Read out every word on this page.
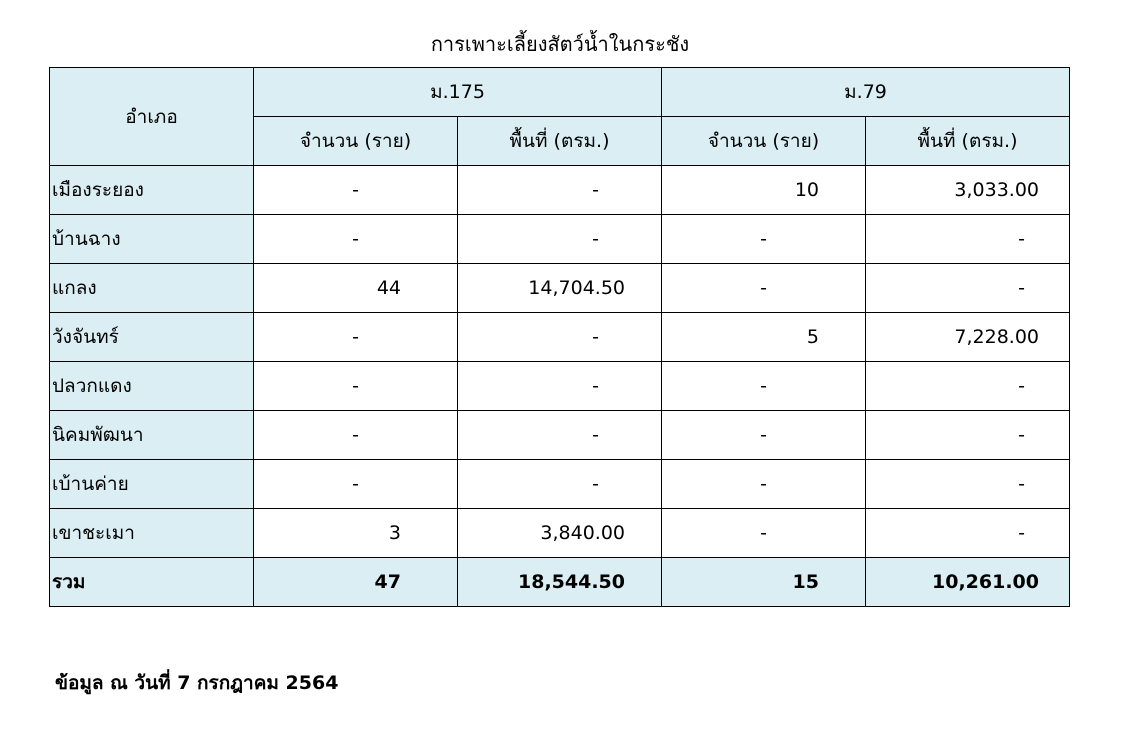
การเพาะเลี้ยงสัตว์น้ำในกระชัง
อำเภอ	ม.175		ม.79	
	จำนวน (ราย)	พื้นที่ (ตรม.)	จำนวน (ราย)	พื้นที่ (ตรม.)
เมืองระยอง	-	-	10	3,033.00
บ้านฉาง	-	-	-	-
แกลง	44	14,704.50	-	-
วังจันทร์	-	-	5	7,228.00
ปลวกแดง	-	-	-	-
นิคมพัฒนา	-	-	-	-
เบ้านค่าย	-	-	-	-
เขาชะเมา	3	3,840.00	-	-
รวม	47	18,544.50	15	10,261.00
ข้อมูล ณ วันที่ 7 กรกฎาคม 2564
